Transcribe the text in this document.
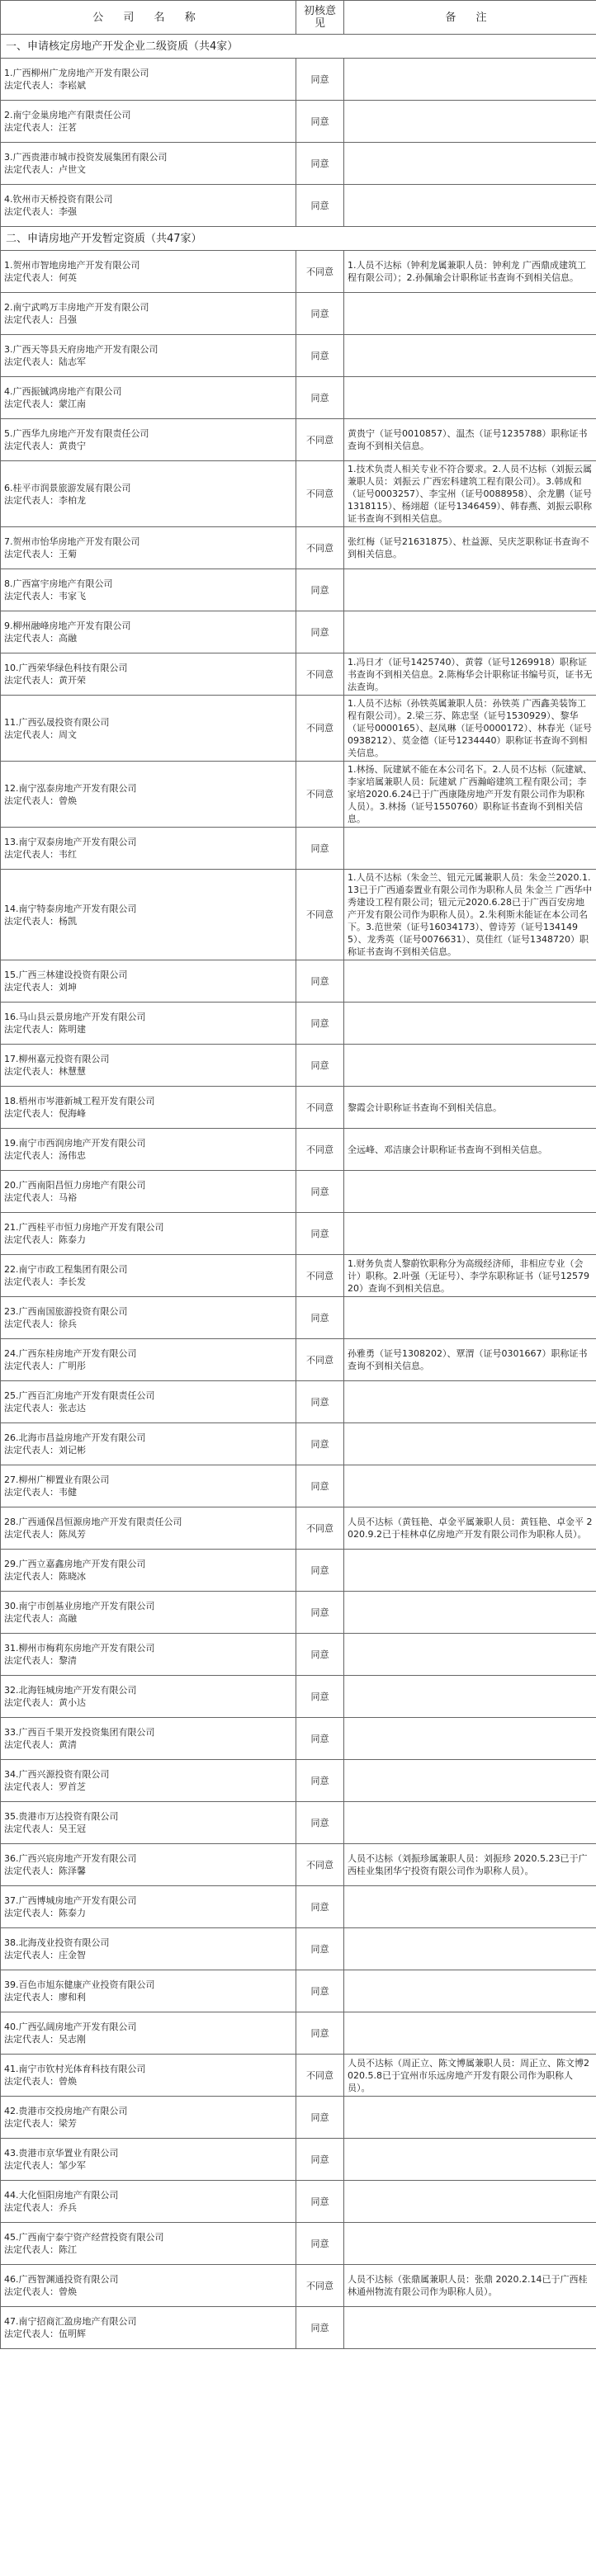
公 司 名 称	初核意见	备 注
一、申请核定房地产开发企业二级资质（共4家）		

1.广西柳州广龙房地产开发有限公司
法定代表人：李崧斌	同意	

2.南宁金巢房地产有限责任公司
法定代表人：汪茗	同意	

3.广西贵港市城市投资发展集团有限公司
法定代表人：卢世文	同意	

4.钦州市天桥投资有限公司
法定代表人：李强	同意	
二、申请房地产开发暂定资质（共47家）		

1.贺州市智地房地产开发有限公司
法定代表人：何英	不同意	1.人员不达标（钟利龙属兼职人员：钟利龙 广西鼎成建筑工程有限公司）；2.孙佩瑜会计职称证书查询不到相关信息。

2.南宁武鸣万丰房地产开发有限公司
法定代表人：吕强	同意	

3.广西天等县天府房地产开发有限公司
法定代表人：陆志军	同意	

4.广西振铖鸿房地产有限公司
法定代表人：蒙江南	同意	

5.广西华九房地产开发有限责任公司
法定代表人：黄贵宁	不同意	黄贵宁（证号0010857）、温杰（证号1235788）职称证书查询不到相关信息。

6.桂平市润景旅游发展有限公司
法定代表人：李柏龙	不同意	1.技术负责人相关专业不符合要求。2.人员不达标（刘振云属兼职人员：刘振云 广西宏科建筑工程有限公司）。3.韩成和（证号0003257）、李宝州（证号0088958）、余龙鹏（证号1318115）、杨翊超（证号1346459）、韩春燕、刘振云职称证书查询不到相关信息。

7.贺州市怡华房地产开发有限公司
法定代表人：王菊	不同意	张红梅（证号21631875）、杜益源、吴庆芝职称证书查询不到相关信息。

8.广西富宇房地产有限公司
法定代表人：韦家飞	同意	

9.柳州融峰房地产开发有限公司
法定代表人：高融	同意	

10.广西荣华绿色科技有限公司
法定代表人：黄开荣	不同意	1.冯日才（证号1425740）、黄蓉（证号1269918）职称证书查询不到相关信息。2.陈梅华会计职称证书编号页，证书无法查询。

11.广西弘晟投资有限公司
法定代表人：周文	不同意	1.人员不达标（孙铁英属兼职人员：孙铁英 广西鑫美装饰工程有限公司）。2.梁三芬、陈忠坚（证号1530929）、黎华（证号0000165）、赵凤琳（证号0000172）、林春光（证号0938212）、莫金德（证号1234440）职称证书查询不到相关信息。

12.南宁泓泰房地产开发有限公司
法定代表人：曾焕	不同意	1.林扬、阮建斌不能在本公司名下。2.人员不达标（阮建斌、李家培属兼职人员：阮建斌 广西瀚峪建筑工程有限公司；李家培2020.6.24已于广西康隆房地产开发有限公司作为职称人员）。3.林扬（证号1550760）职称证书查询不到相关信息。

13.南宁双泰房地产开发有限公司
法定代表人：韦红	同意	

14.南宁特泰房地产开发有限公司
法定代表人：杨凯	不同意	1.人员不达标（朱金兰、钮元元属兼职人员：朱金兰2020.1.13已于广西通泰置业有限公司作为职称人员 朱金兰 广西华中秀建设工程有限公司；钮元元2020.6.28已于广西百安房地产开发有限公司作为职称人员）。2.朱利斯未能证在本公司名下。3.范世荣（证号16034173）、曾诗芳（证号1341495）、龙秀英（证号0076631）、莫佳红（证号1348720）职称证书查询不到相关信息。

15.广西三林建设投资有限公司
法定代表人：刘坤	同意	

16.马山县云景房地产开发有限公司
法定代表人：陈明建	同意	

17.柳州嘉元投资有限公司
法定代表人：林慧慧	同意	

18.梧州市岑港新城工程开发有限公司
法定代表人：倪海峰	不同意	黎霞会计职称证书查询不到相关信息。

19.南宁市西润房地产开发有限公司
法定代表人：汤伟忠	不同意	全远峰、邓洁康会计职称证书查询不到相关信息。

20.广西南阳昌恒力房地产有限公司
法定代表人：马裕	同意	

21.广西桂平市恒力房地产开发有限公司
法定代表人：陈泰力	同意	

22.南宁市政工程集团有限公司
法定代表人：李长发	不同意	1.财务负责人黎蔚钦职称分为高级经济师，非相应专业（会计）职称。2.叶强（无证号）、李学东职称证书（证号1257920）查询不到相关信息。

23.广西南国旅游投资有限公司
法定代表人：徐兵	同意	

24.广西东桂房地产开发有限公司
法定代表人：广明彤	不同意	孙雅勇（证号1308202）、覃渭（证号0301667）职称证书查询不到相关信息。

25.广西百汇房地产开发有限责任公司
法定代表人：张志达	同意	

26.北海市昌益房地产开发有限公司
法定代表人：刘记彬	同意	

27.柳州广柳置业有限公司
法定代表人：韦健	同意	

28.广西通保昌恒源房地产开发有限责任公司
法定代表人：陈凤芳	不同意	人员不达标（黄钰艳、卓金平属兼职人员：黄钰艳、卓金平 2020.9.2已于桂林卓亿房地产开发有限公司作为职称人员）。

29.广西立嘉鑫房地产开发有限公司
法定代表人：陈晓冰	同意	

30.南宁市创基业房地产开发有限公司
法定代表人：高融	同意	

31.柳州市梅莉东房地产开发有限公司
法定代表人：黎清	同意	

32.北海钰城房地产开发有限公司
法定代表人：黄小达	同意	

33.广西百千果开发投资集团有限公司
法定代表人：黄清	同意	

34.广西兴源投资有限公司
法定代表人：罗首芝	同意	

35.贵港市万达投资有限公司
法定代表人：吴王冠	同意	

36.广西兴宸房地产开发有限公司
法定代表人：陈泽馨	不同意	人员不达标（刘振珍属兼职人员：刘振珍 2020.5.23已于广西桂业集团华宁投资有限公司作为职称人员）。

37.广西博城房地产开发有限公司
法定代表人：陈泰力	同意	

38.北海茂业投资有限公司
法定代表人：庄金智	同意	

39.百色市旭东健康产业投资有限公司
法定代表人：廖和利	同意	

40.广西弘阔房地产开发有限公司
法定代表人：吴志刚	同意	

41.南宁市钦村光体育科技有限公司
法定代表人：曾焕	不同意	人员不达标（周正立、陈文博属兼职人员：周正立、陈文博2020.5.8已于宜州市乐远房地产开发有限公司作为职称人员）。

42.贵港市交投房地产有限公司
法定代表人：梁芳	同意	

43.贵港市京华置业有限公司
法定代表人：邹少军	同意	

44.大化恒阳房地产有限公司
法定代表人：乔兵	同意	

45.广西南宁泰宁资产经营投资有限公司
法定代表人：陈江	同意	

46.广西智渊通投资有限公司
法定代表人：曾焕	不同意	人员不达标（张鼎属兼职人员：张鼎 2020.2.14已于广西桂林通州物流有限公司作为职称人员）。

47.南宁招商汇盈房地产有限公司
法定代表人：伍明辉	同意	
